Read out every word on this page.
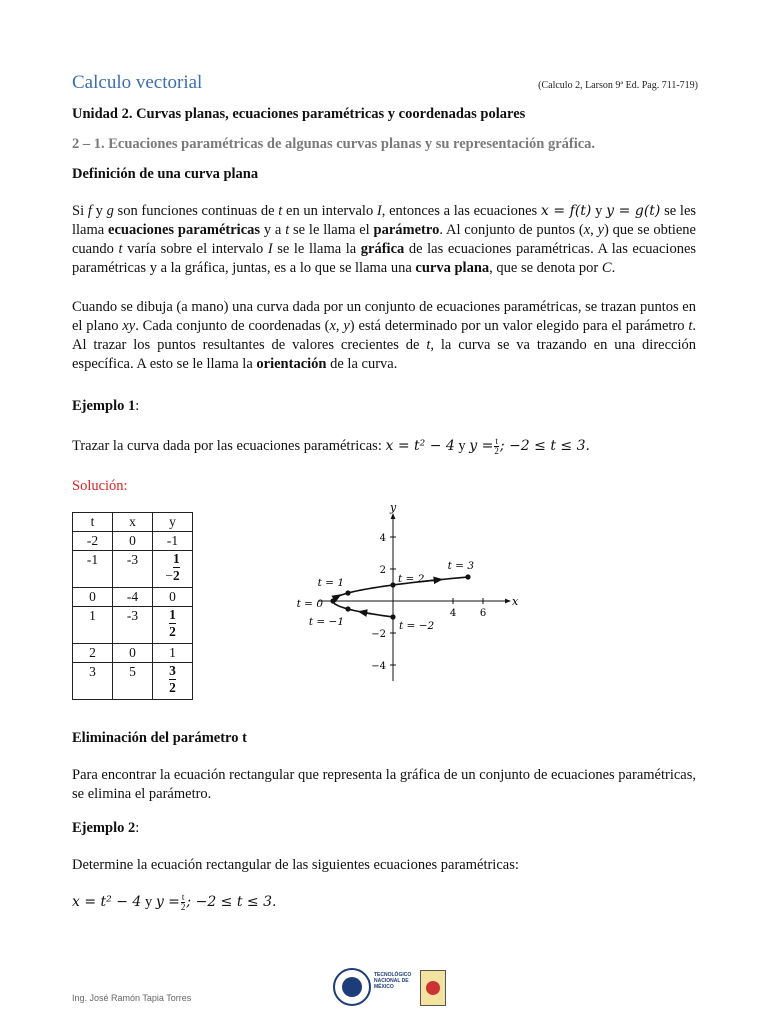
Calculo vectorial	(Calculo 2, Larson 9ª Ed. Pag. 711-719)
Unidad 2. Curvas planas, ecuaciones paramétricas y coordenadas polares
2 – 1. Ecuaciones paramétricas de algunas curvas planas y su representación gráfica.
Definición de una curva plana
Si f y g son funciones continuas de t en un intervalo I, entonces a las ecuaciones x = f(t) y y = g(t) se les llama ecuaciones paramétricas y a t se le llama el parámetro. Al conjunto de puntos (x, y) que se obtiene cuando t varía sobre el intervalo I se le llama la gráfica de las ecuaciones paramétricas. A las ecuaciones paramétricas y a la gráfica, juntas, es a lo que se llama una curva plana, que se denota por C.
Cuando se dibuja (a mano) una curva dada por un conjunto de ecuaciones paramétricas, se trazan puntos en el plano xy. Cada conjunto de coordenadas (x, y) está determinado por un valor elegido para el parámetro t. Al trazar los puntos resultantes de valores crecientes de t, la curva se va trazando en una dirección específica. A esto se le llama la orientación de la curva.
Ejemplo 1:
Trazar la curva dada por las ecuaciones paramétricas: x = t² − 4 y $y = \frac{t}{2}$ ; −2 ≤ t ≤ 3.
Solución:
t	x	y
-2	0	-1
-1	-3	− $\frac{1}{2}$
0	-4	0
1	-3	$\frac{1}{2}$
2	0	1
3	5	$\frac{3}{2}$
x
y
4 6
4
2
−2
−4
t = 3
t = 2
t = 1
t = 0
t = −1	t = −2
Eliminación del parámetro t
Para encontrar la ecuación rectangular que representa la gráfica de un conjunto de ecuaciones paramétricas, se elimina el parámetro.
Ejemplo 2:
Determine la ecuación rectangular de las siguientes ecuaciones paramétricas:
x = t² − 4 y $y = \frac{t}{2}$ ; −2 ≤ t ≤ 3.
Ing. José Ramón Tapia Torres
TECNOLÓGICO NACIONAL DE MÉXICO
